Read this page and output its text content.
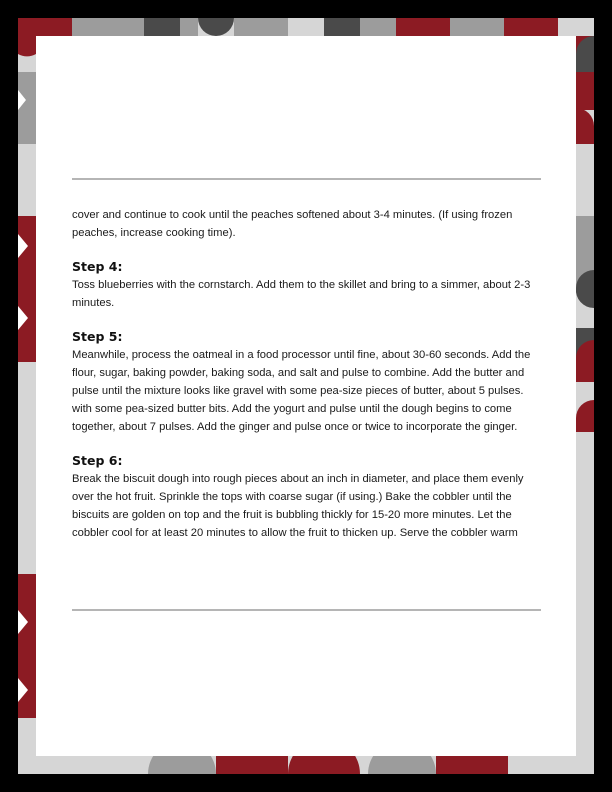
cover and continue to cook until the peaches softened about 3-4 minutes. (If using frozen peaches, increase cooking time).

Step 4:

Toss blueberries with the cornstarch. Add them to the skillet and bring to a simmer, about 2-3 minutes.

Step 5:

Meanwhile, process the oatmeal in a food processor until fine, about 30-60 seconds. Add the flour, sugar, baking powder, baking soda, and salt and pulse to combine. Add the butter and pulse until the mixture looks like gravel with some pea-size pieces of butter, about 5 pulses. with some pea-sized butter bits. Add the yogurt and pulse until the dough begins to come together, about 7 pulses. Add the ginger and pulse once or twice to incorporate the ginger.

Step 6:

Break the biscuit dough into rough pieces about an inch in diameter, and place them evenly over the hot fruit. Sprinkle the tops with coarse sugar (if using.) Bake the cobbler until the biscuits are golden on top and the fruit is bubbling thickly for 15-20 more minutes. Let the cobbler cool for at least 20 minutes to allow the fruit to thicken up. Serve the cobbler warm
